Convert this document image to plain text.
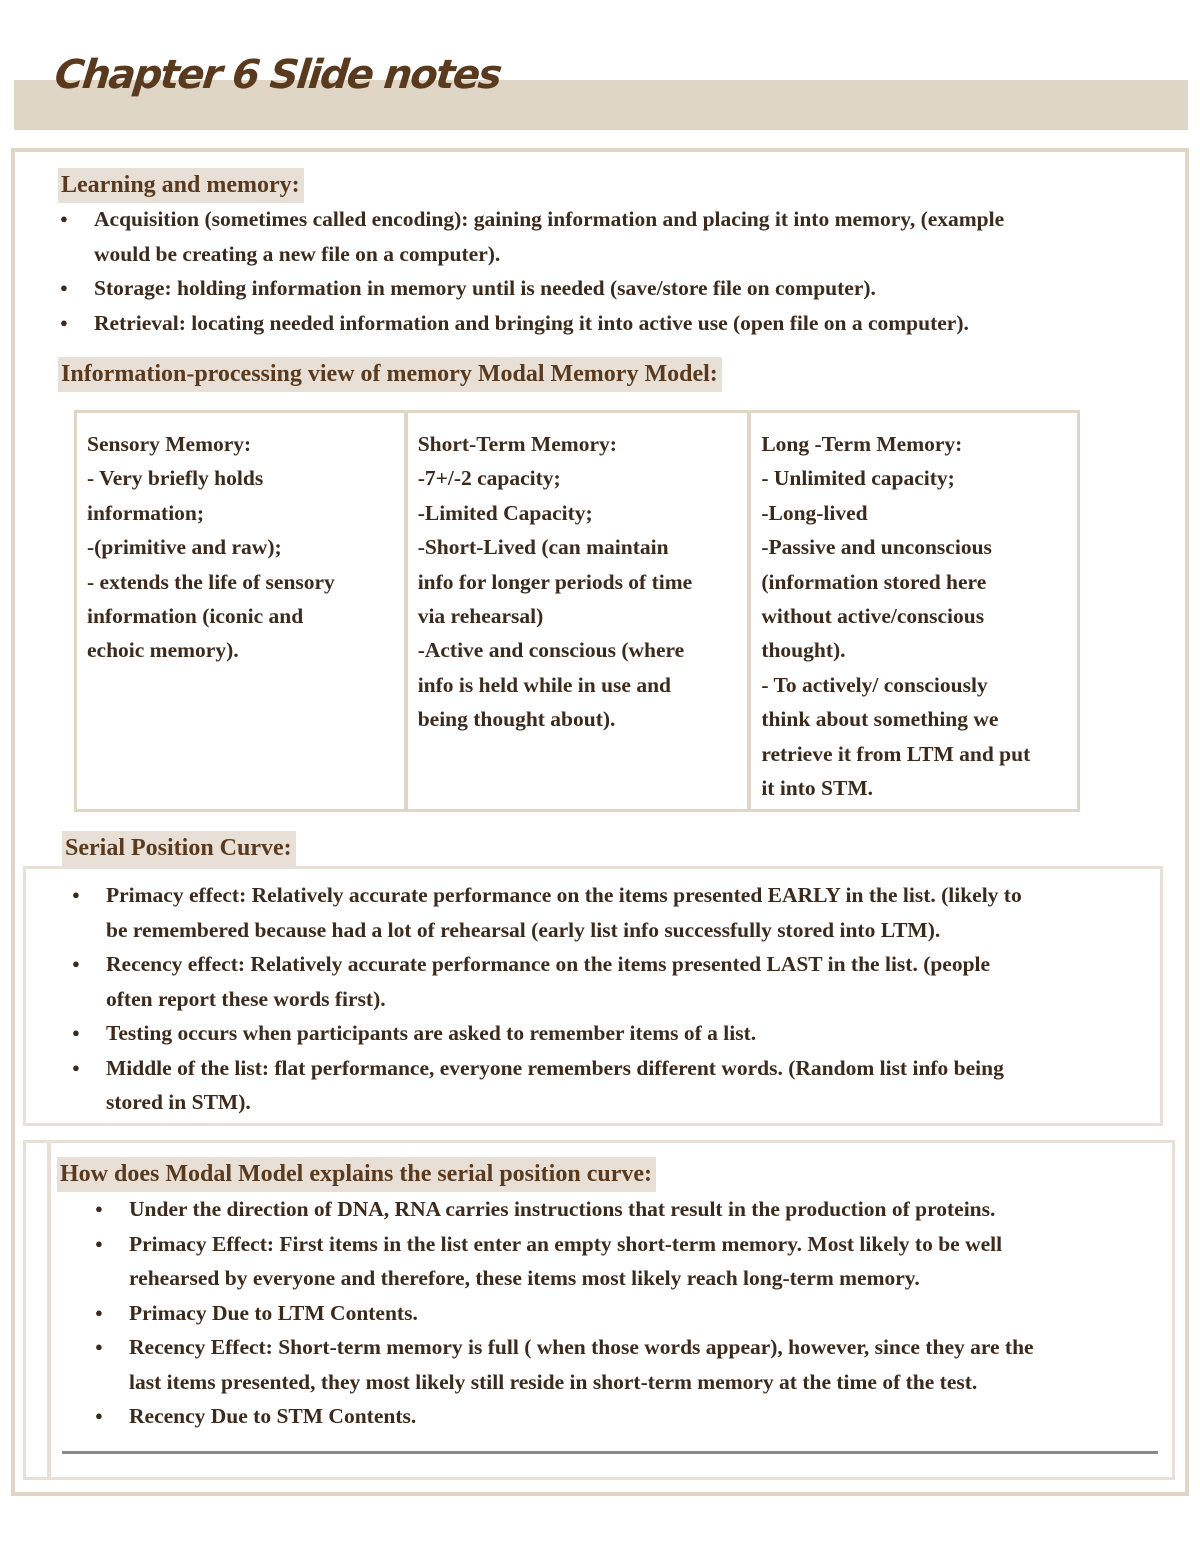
Chapter 6 Slide notes
Learning and memory:
● Acquisition (sometimes called encoding): gaining information and placing it into memory, (example
would be creating a new file on a computer).
● Storage: holding information in memory until is needed (save/store file on computer).
● Retrieval: locating needed information and bringing it into active use (open file on a computer).
Information-processing view of memory Modal Memory Model:
Sensory Memory:
- Very briefly holds
information;
-(primitive and raw);
- extends the life of sensory
information (iconic and
echoic memory).
Short-Term Memory:
-7+/-2 capacity;
-Limited Capacity;
-Short-Lived (can maintain
info for longer periods of time
via rehearsal)
-Active and conscious (where
info is held while in use and
being thought about).
Long -Term Memory:
- Unlimited capacity;
-Long-lived
-Passive and unconscious
(information stored here
without active/conscious
thought).
- To actively/ consciously
think about something we
retrieve it from LTM and put
it into STM.
Serial Position Curve:
● Primacy effect: Relatively accurate performance on the items presented EARLY in the list. (likely to
be remembered because had a lot of rehearsal (early list info successfully stored into LTM).
● Recency effect: Relatively accurate performance on the items presented LAST in the list. (people
often report these words first).
● Testing occurs when participants are asked to remember items of a list.
● Middle of the list: flat performance, everyone remembers different words. (Random list info being
stored in STM).
How does Modal Model explains the serial position curve:
● Under the direction of DNA, RNA carries instructions that result in the production of proteins.
● Primacy Effect: First items in the list enter an empty short-term memory. Most likely to be well
rehearsed by everyone and therefore, these items most likely reach long-term memory.
● Primacy Due to LTM Contents.
● Recency Effect: Short-term memory is full ( when those words appear), however, since they are the
last items presented, they most likely still reside in short-term memory at the time of the test.
● Recency Due to STM Contents.
